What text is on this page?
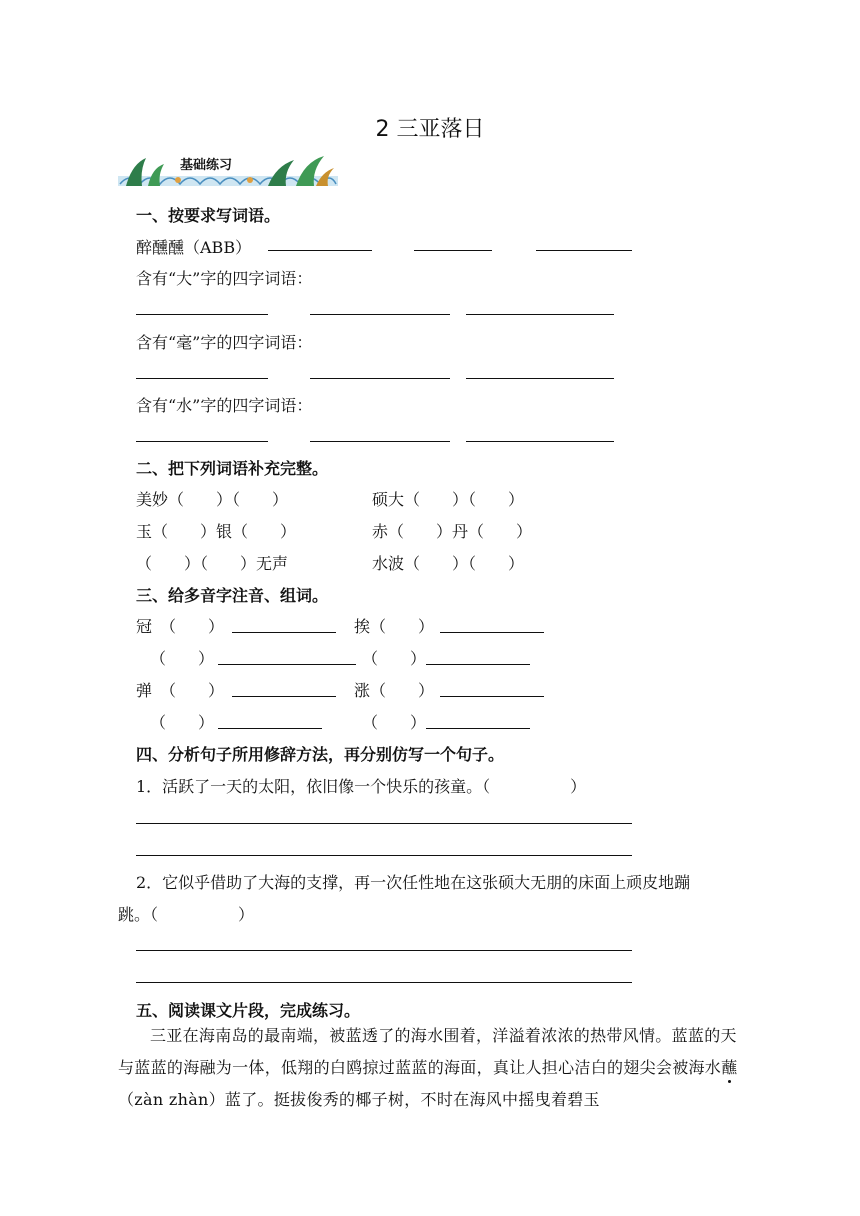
2 三亚落日
基础练习
一、按要求写词语。
醉醺醺（ABB）
含有“大”字的四字词语：
含有“毫”字的四字词语：
含有“水”字的四字词语：
二、把下列词语补充完整。
美妙（　　）（　　）	硕大（　　）（　　）
玉（　　）银（　　）	赤（　　）丹（　　）
（　　）（　　）无声	水波（　　）（　　）
三、给多音字注音、组词。
冠　（　　）	挨（　　）
（　　）	（　　）
弹　（　　）	涨（　　）
（　　）	（　　）
四、分析句子所用修辞方法，再分别仿写一个句子。
1．活跃了一天的太阳，依旧像一个快乐的孩童。（　　　　　）
2．它似乎借助了大海的支撑，再一次任性地在这张硕大无朋的床面上顽皮地蹦
跳。（　　　　　）
五、阅读课文片段，完成练习。
三亚在海南岛的最南端，被蓝透了的海水围着，洋溢着浓浓的热带风情。蓝蓝的天与蓝蓝的海融为一体，低翔的白鸥掠过蓝蓝的海面，真让人担心洁白的翅尖会被海水蘸（zàn zhàn）蓝了。挺拔俊秀的椰子树，不时在海风中摇曳着碧玉
